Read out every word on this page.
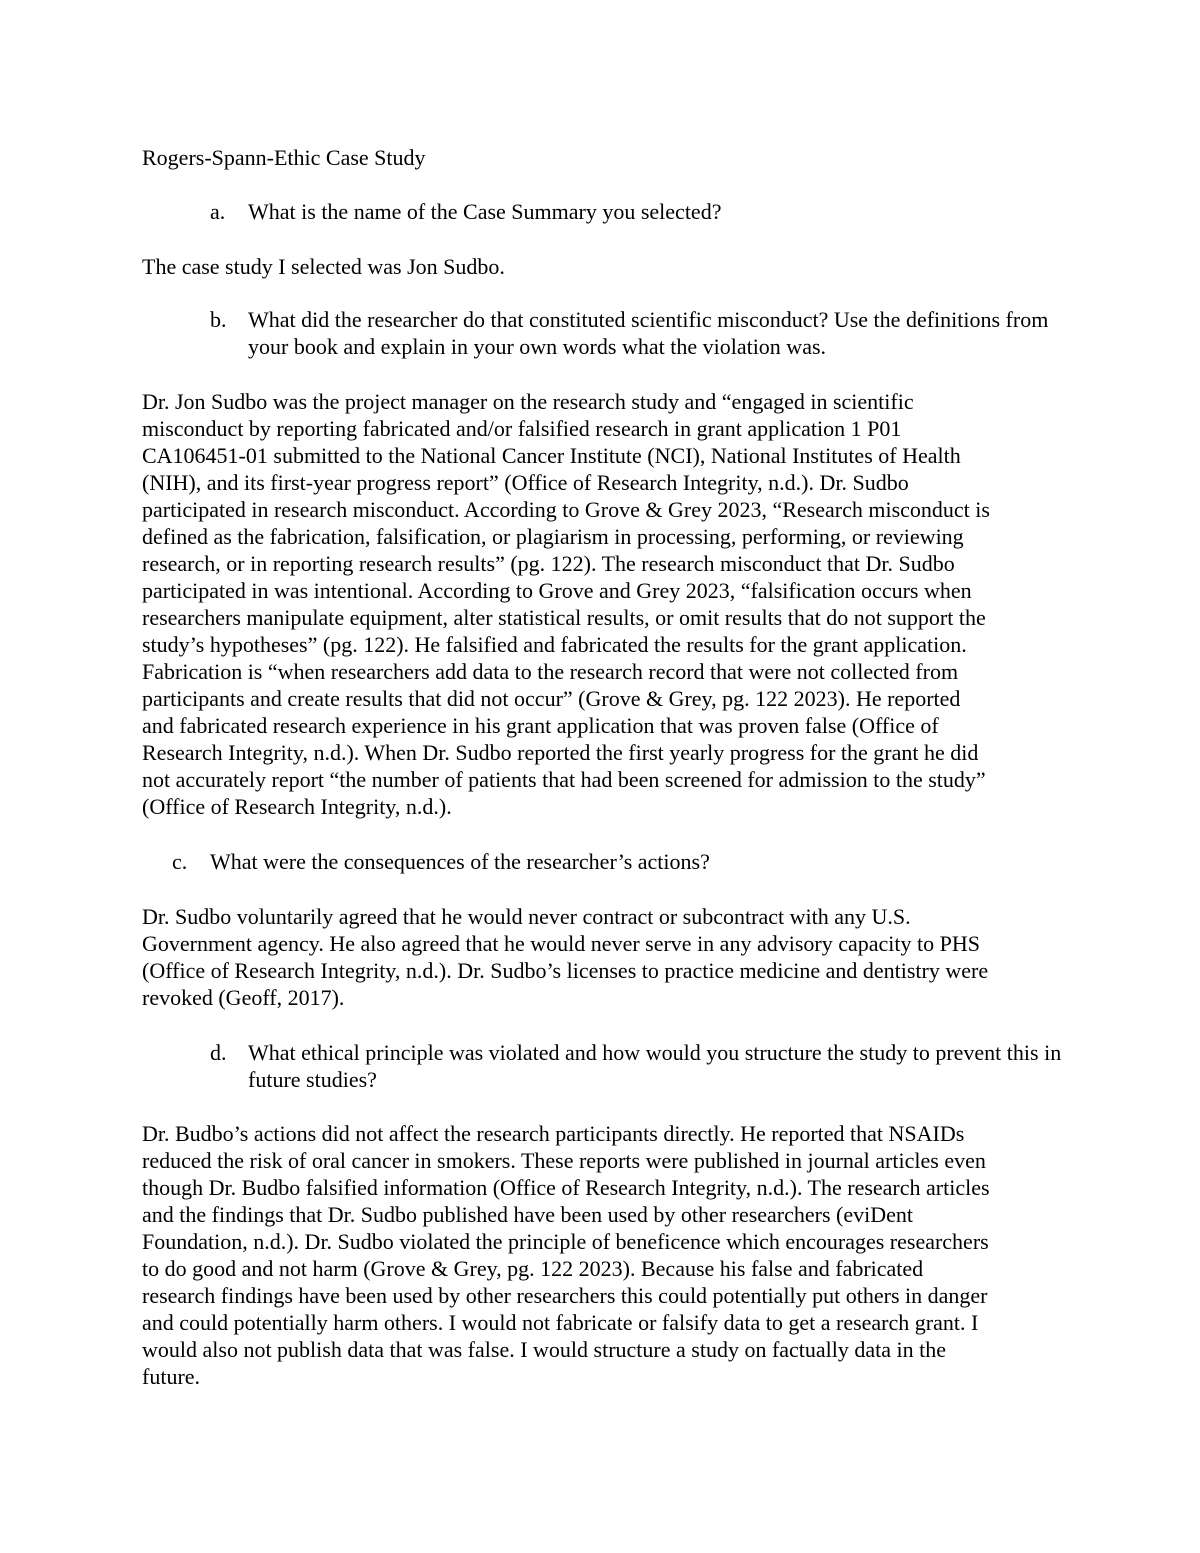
Rogers-Spann-Ethic Case Study
a.	What is the name of the Case Summary you selected?

The case study I selected was Jon Sudbo.

b. What did the researcher do that constituted scientific misconduct? Use the definitions from your book and explain in your own words what the violation was.

Dr. Jon Sudbo was the project manager on the research study and “engaged in scientific
misconduct by reporting fabricated and/or falsified research in grant application 1 P01
CA106451-01 submitted to the National Cancer Institute (NCI), National Institutes of Health
(NIH), and its first-year progress report” (Office of Research Integrity, n.d.). Dr. Sudbo
participated in research misconduct. According to Grove & Grey 2023, “Research misconduct is
defined as the fabrication, falsification, or plagiarism in processing, performing, or reviewing
research, or in reporting research results” (pg. 122). The research misconduct that Dr. Sudbo
participated in was intentional. According to Grove and Grey 2023, “falsification occurs when
researchers manipulate equipment, alter statistical results, or omit results that do not support the
study’s hypotheses” (pg. 122). He falsified and fabricated the results for the grant application.
Fabrication is “when researchers add data to the research record that were not collected from
participants and create results that did not occur” (Grove & Grey, pg. 122 2023). He reported
and fabricated research experience in his grant application that was proven false (Office of
Research Integrity, n.d.). When Dr. Sudbo reported the first yearly progress for the grant he did
not accurately report “the number of patients that had been screened for admission to the study”
(Office of Research Integrity, n.d.).

c.	What were the consequences of the researcher’s actions?

Dr. Sudbo voluntarily agreed that he would never contract or subcontract with any U.S.
Government agency. He also agreed that he would never serve in any advisory capacity to PHS
(Office of Research Integrity, n.d.). Dr. Sudbo’s licenses to practice medicine and dentistry were
revoked (Geoff, 2017).

d. What ethical principle was violated and how would you structure the study to prevent this in future studies?

Dr. Budbo’s actions did not affect the research participants directly. He reported that NSAIDs
reduced the risk of oral cancer in smokers. These reports were published in journal articles even
though Dr. Budbo falsified information (Office of Research Integrity, n.d.). The research articles
and the findings that Dr. Sudbo published have been used by other researchers (eviDent
Foundation, n.d.). Dr. Sudbo violated the principle of beneficence which encourages researchers
to do good and not harm (Grove & Grey, pg. 122 2023). Because his false and fabricated
research findings have been used by other researchers this could potentially put others in danger
and could potentially harm others. I would not fabricate or falsify data to get a research grant. I
would also not publish data that was false. I would structure a study on factually data in the
future.
